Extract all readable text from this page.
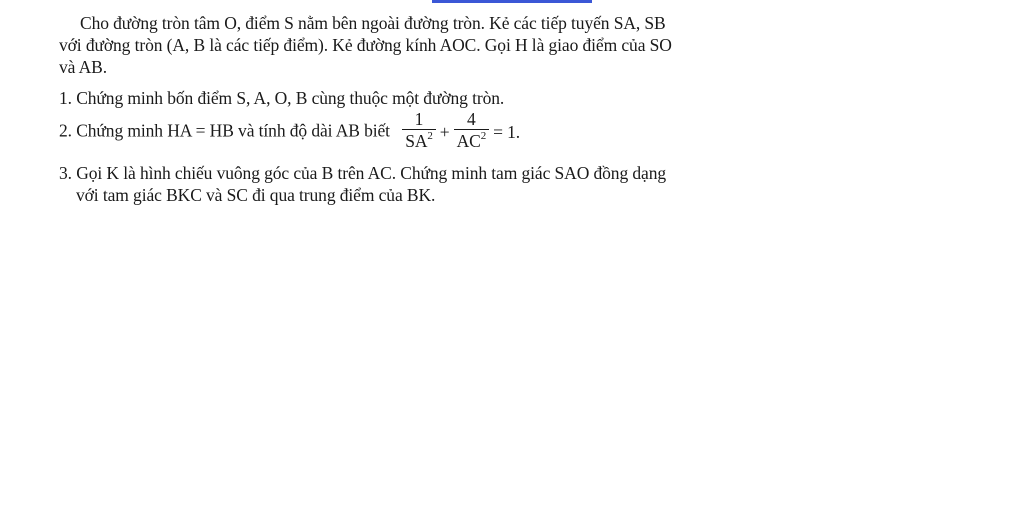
Cho đường tròn tâm O, điểm S nằm bên ngoài đường tròn. Kẻ các tiếp tuyến SA, SB
với đường tròn (A, B là các tiếp điểm). Kẻ đường kính AOC. Gọi H là giao điểm của SO
và AB.
1. Chứng minh bốn điểm S, A, O, B cùng thuộc một đường tròn.
2. Chứng minh HA = HB và tính độ dài AB biết $\frac{1}{SA^2} + \frac{4}{AC^2} = 1$.
3. Gọi K là hình chiếu vuông góc của B trên AC. Chứng minh tam giác SAO đồng dạng
với tam giác BKC và SC đi qua trung điểm của BK.
